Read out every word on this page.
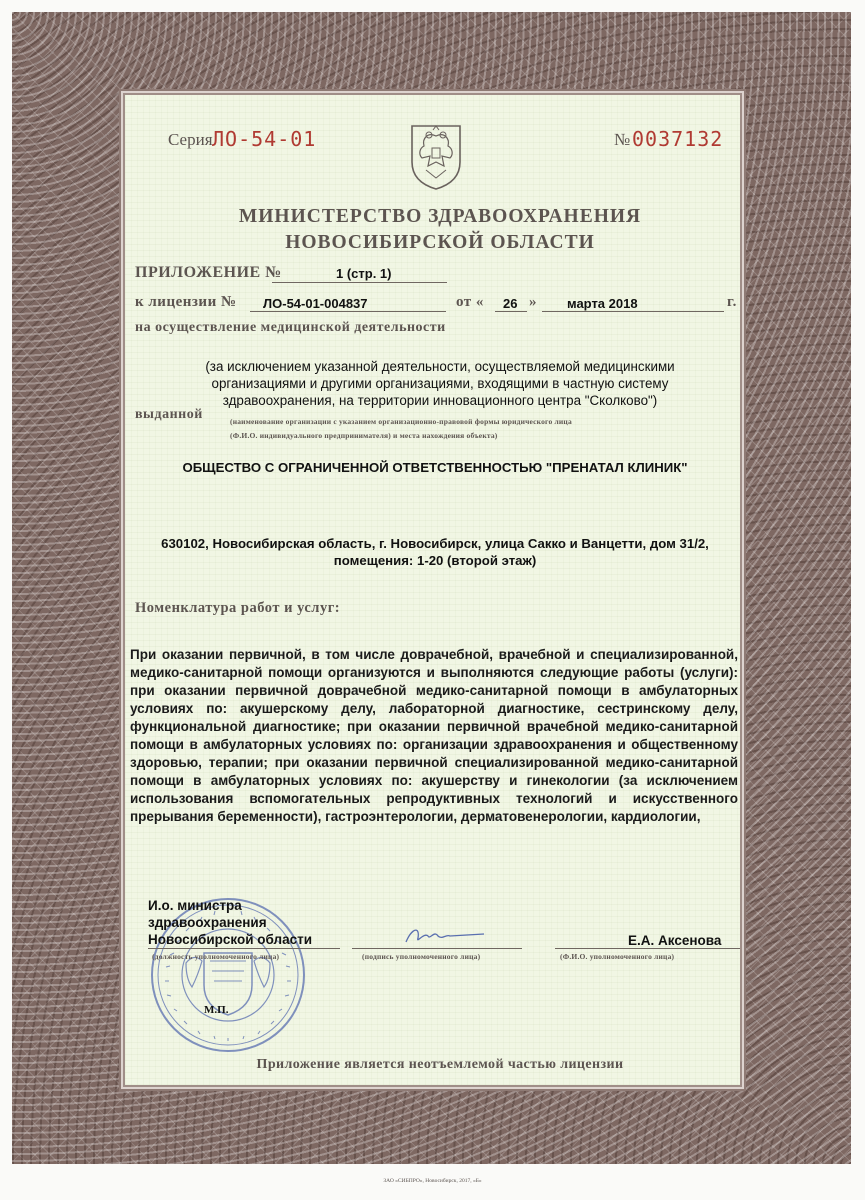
Серия ЛО-54-01	№ 0037132
МИНИСТЕРСТВО ЗДРАВООХРАНЕНИЯ
НОВОСИБИРСКОЙ ОБЛАСТИ
ПРИЛОЖЕНИЕ №	1 (стр. 1)
к лицензии № ЛО-54-01-004837	от « 26 » марта 2018	г.
на осуществление медицинской деятельности
(за исключением указанной деятельности, осуществляемой медицинскими
организациями и другими организациями, входящими в частную систему
здравоохранения, на территории инновационного центра "Сколково")
выданной	(наименование организации с указанием организационно-правовой формы юридического лица
(Ф.И.О. индивидуального предпринимателя) и места нахождения объекта)
ОБЩЕСТВО С ОГРАНИЧЕННОЙ ОТВЕТСТВЕННОСТЬЮ "ПРЕНАТАЛ КЛИНИК"
630102, Новосибирская область, г. Новосибирск, улица Сакко и Ванцетти, дом 31/2,
помещения: 1-20 (второй этаж)
Номенклатура работ и услуг:
При оказании первичной, в том числе доврачебной, врачебной и специализированной, медико-санитарной помощи организуются и выполняются следующие работы (услуги): при оказании первичной доврачебной медико-санитарной помощи в амбулаторных условиях по: акушерскому делу, лабораторной диагностике, сестринскому делу, функциональной диагностике; при оказании первичной врачебной медико-санитарной помощи в амбулаторных условиях по: организации здравоохранения и общественному здоровью, терапии; при оказании первичной специализированной медико-санитарной помощи в амбулаторных условиях по: акушерству и гинекологии (за исключением использования вспомогательных репродуктивных технологий и искусственного прерывания беременности), гастроэнтерологии, дерматовенерологии, кардиологии,
И.о. министра
здравоохранения
Новосибирской области
(должность уполномоченного лица)	(подпись уполномоченного лица)
Е.А. Аксенова
(Ф.И.О. уполномоченного лица)
М.П.
Приложение является неотъемлемой частью лицензии
ЗАО «СИБПРО», Новосибирск, 2017, «Б»
